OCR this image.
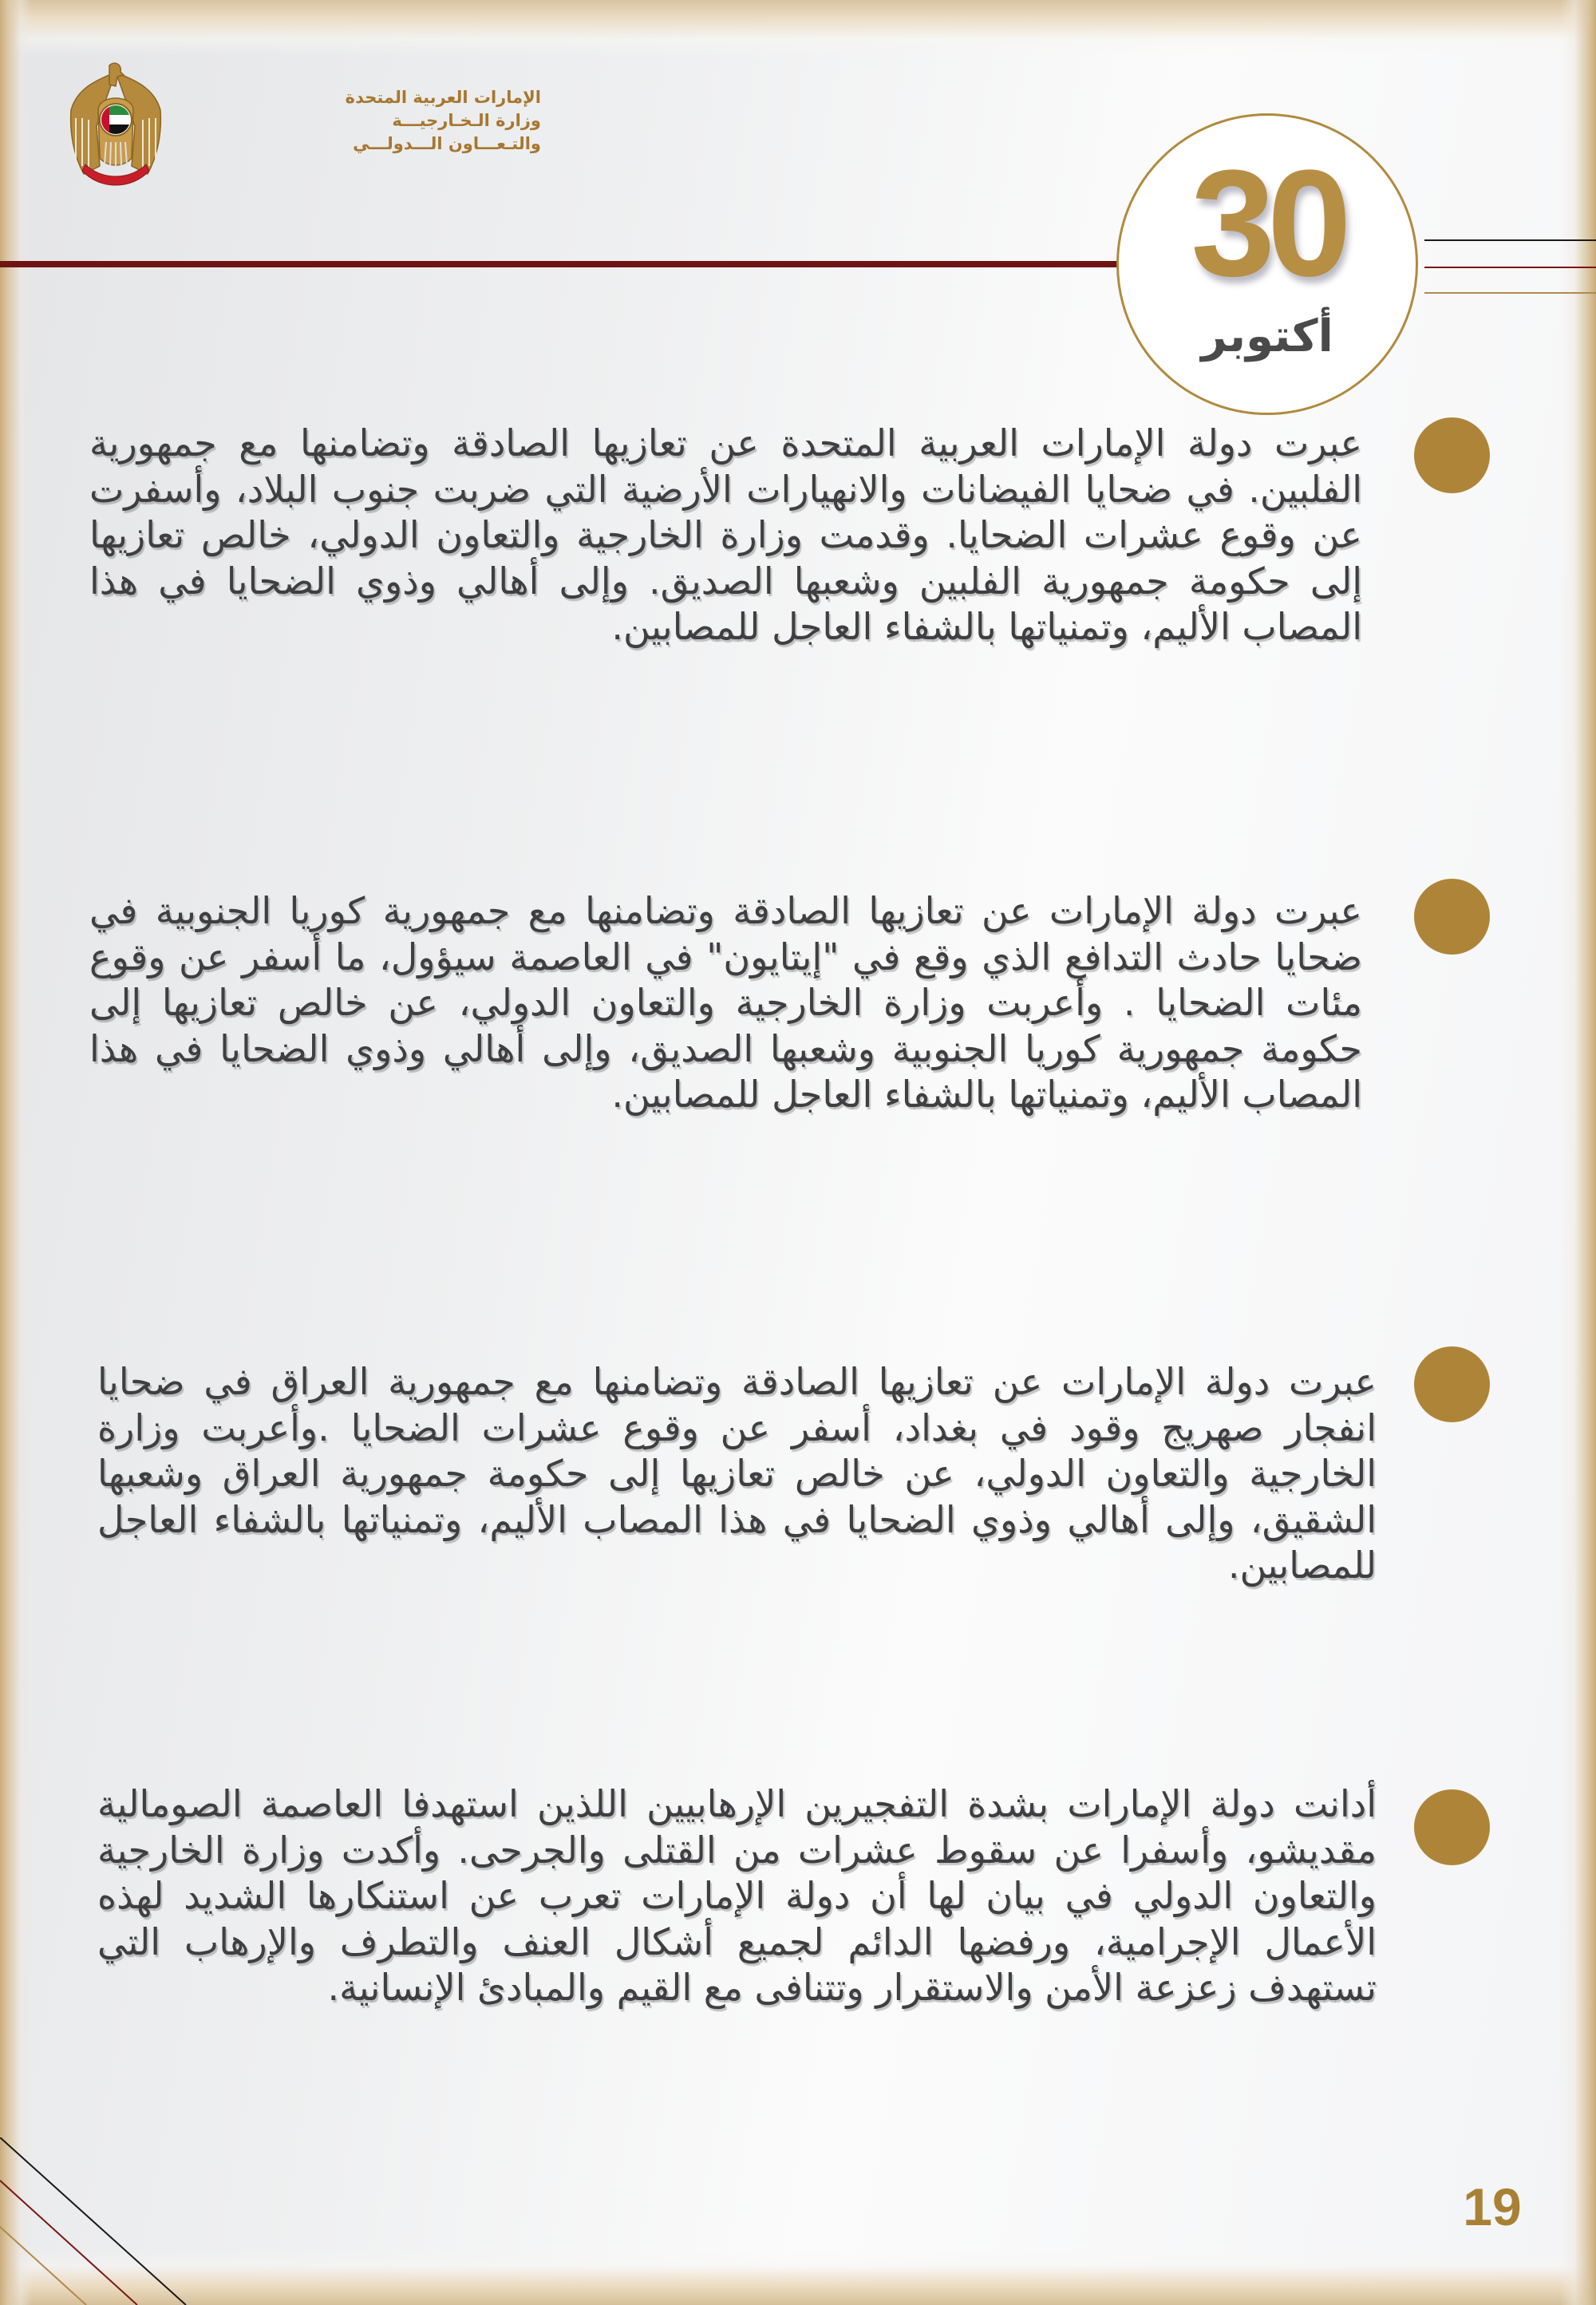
الإمارات العربية المتحدة
وزارة الـخـارجيـــة
والتـعـــاون الـــدولـــي	30
أكتوبر

عبرت دولة الإمارات العربية المتحدة عن تعازيها الصادقة وتضامنها مع جمهورية الفلبين. في ضحايا الفيضانات والانهيارات الأرضية التي ضربت جنوب البلاد، وأسفرت عن وقوع عشرات الضحايا. وقدمت وزارة الخارجية والتعاون الدولي، خالص تعازيها إلى حكومة جمهورية الفلبين وشعبها الصديق. وإلى أهالي وذوي الضحايا في هذا المصاب الأليم، وتمنياتها بالشفاء العاجل للمصابين.

عبرت دولة الإمارات عن تعازيها الصادقة وتضامنها مع جمهورية كوريا الجنوبية في ضحايا حادث التدافع الذي وقع في "إيتايون" في العاصمة سيؤول، ما أسفر عن وقوع مئات الضحايا . وأعربت وزارة الخارجية والتعاون الدولي، عن خالص تعازيها إلى حكومة جمهورية كوريا الجنوبية وشعبها الصديق، وإلى أهالي وذوي الضحايا في هذا المصاب الأليم، وتمنياتها بالشفاء العاجل للمصابين.

عبرت دولة الإمارات عن تعازيها الصادقة وتضامنها مع جمهورية العراق في ضحايا انفجار صهريج وقود في بغداد، أسفر عن وقوع عشرات الضحايا .وأعربت وزارة الخارجية والتعاون الدولي، عن خالص تعازيها إلى حكومة جمهورية العراق وشعبها الشقيق، وإلى أهالي وذوي الضحايا في هذا المصاب الأليم، وتمنياتها بالشفاء العاجل للمصابين.

أدانت دولة الإمارات بشدة التفجيرين الإرهابيين اللذين استهدفا العاصمة الصومالية مقديشو، وأسفرا عن سقوط عشرات من القتلى والجرحى. وأكدت وزارة الخارجية والتعاون الدولي في بيان لها أن دولة الإمارات تعرب عن استنكارها الشديد لهذه الأعمال الإجرامية، ورفضها الدائم لجميع أشكال العنف والتطرف والإرهاب التي تستهدف زعزعة الأمن والاستقرار وتتنافى مع القيم والمبادئ الإنسانية.

19
